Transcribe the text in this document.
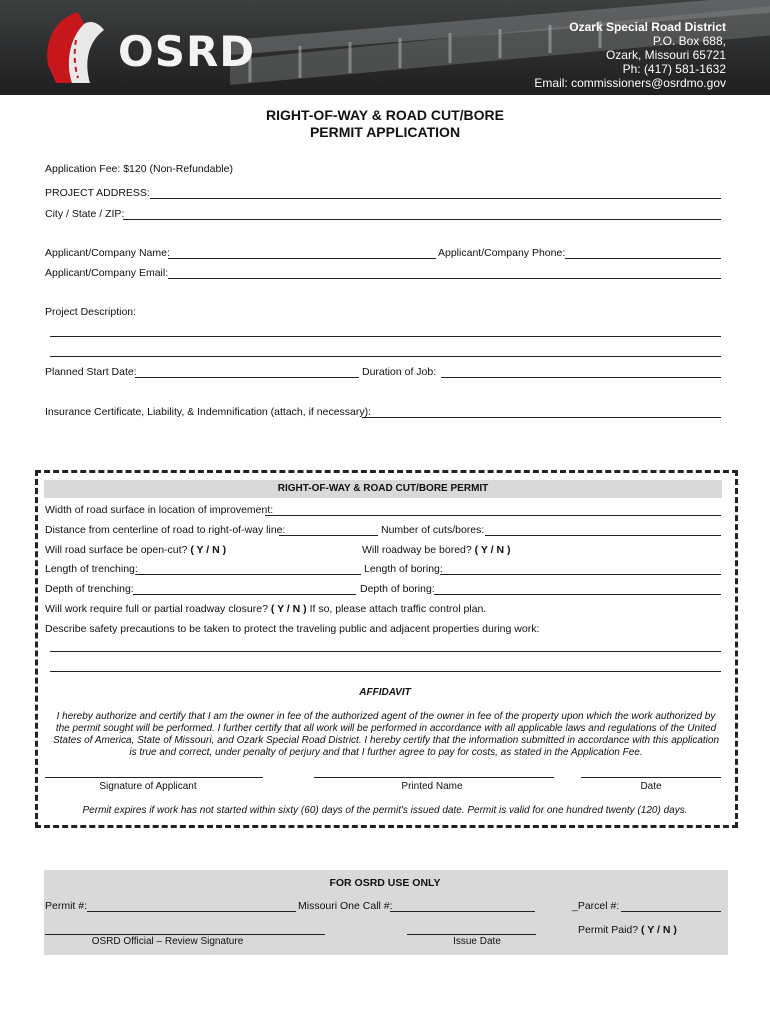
OSRD	Ozark Special Road District
P.O. Box 688,
Ozark, Missouri 65721
Ph: (417) 581-1632
Email: commissioners@osrdmo.gov
RIGHT-OF-WAY & ROAD CUT/BORE
PERMIT APPLICATION
Application Fee: $120 (Non-Refundable)
PROJECT ADDRESS:
City / State / ZIP:
Applicant/Company Name:	Applicant/Company Phone:
Applicant/Company Email:
Project Description:
Planned Start Date:	Duration of Job:
Insurance Certificate, Liability, & Indemnification (attach, if necessary):
RIGHT-OF-WAY & ROAD CUT/BORE PERMIT
Width of road surface in location of improvement:
Distance from centerline of road to right-of-way line:	Number of cuts/bores:
Will road surface be open-cut? ( Y / N )	Will roadway be bored? ( Y / N )
Length of trenching:	Length of boring:
Depth of trenching:	Depth of boring:
Will work require full or partial roadway closure? ( Y / N ) If so, please attach traffic control plan.
Describe safety precautions to be taken to protect the traveling public and adjacent properties during work:
AFFIDAVIT
I hereby authorize and certify that I am the owner in fee of the authorized agent of the owner in fee of the property upon which the work authorized by the permit sought will be performed. I further certify that all work will be performed in accordance with all applicable laws and regulations of the United States of America, State of Missouri, and Ozark Special Road District. I hereby certify that the information submitted in accordance with this application is true and correct, under penalty of perjury and that I further agree to pay for costs, as stated in the Application Fee.
Signature of Applicant	Printed Name	Date
Permit expires if work has not started within sixty (60) days of the permit's issued date. Permit is valid for one hundred twenty (120) days.
FOR OSRD USE ONLY
Permit #:	Missouri One Call #:	_Parcel #:
OSRD Official – Review Signature	Issue Date
Permit Paid? ( Y / N )
